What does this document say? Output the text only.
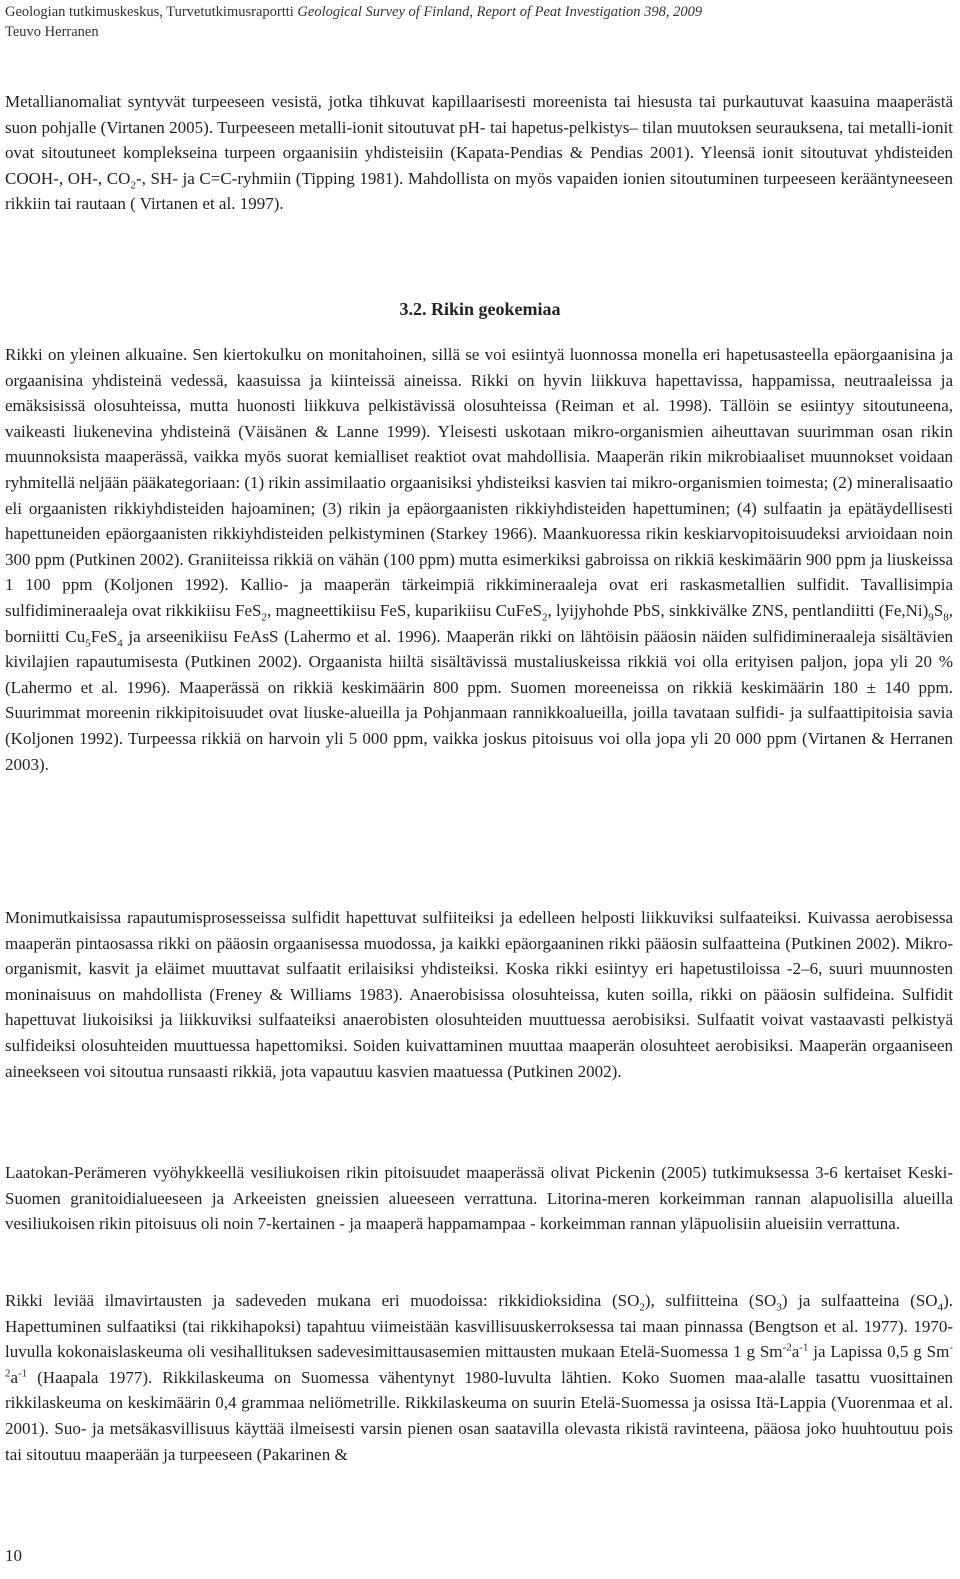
Geologian tutkimuskeskus, Turvetutkimusraportti Geological Survey of Finland, Report of Peat Investigation 398, 2009
Teuvo Herranen

Metallianomaliat syntyvät turpeeseen vesistä, jotka tihkuvat kapillaarisesti moreenista tai hiesusta tai purkautuvat kaasuina maaperästä suon pohjalle (Virtanen 2005). Turpeeseen metalli-ionit sitoutuvat pH- tai hapetus-pelkistys– tilan muutoksen seurauksena, tai metalli-ionit ovat sitoutuneet komplekseina turpeen orgaanisiin yhdisteisiin (Kapata-Pendias & Pendias 2001). Yleensä ionit sitoutuvat yhdisteiden COOH-, OH-, $CO_2-$, SH- ja C=C-ryhmiin (Tipping 1981). Mahdollista on myös vapaiden ionien sitoutuminen turpeeseen kerääntyneeseen rikkiin tai rautaan ( Virtanen et al. 1997).

3.2. Rikin geokemiaa

Rikki on yleinen alkuaine. Sen kiertokulku on monitahoinen, sillä se voi esiintyä luonnossa monella eri hapetusasteella epäorgaanisina ja orgaanisina yhdisteinä vedessä, kaasuissa ja kiinteissä aineissa. Rikki on hyvin liikkuva hapettavissa, happamissa, neutraaleissa ja emäksisissä olosuhteissa, mutta huonosti liikkuva pelkistävissä olosuhteissa (Reiman et al. 1998). Tällöin se esiintyy sitoutuneena, vaikeasti liukenevina yhdisteinä (Väisänen & Lanne 1999). Yleisesti uskotaan mikro-organismien aiheuttavan suurimman osan rikin muunnoksista maaperässä, vaikka myös suorat kemialliset reaktiot ovat mahdollisia. Maaperän rikin mikrobiaaliset muunnokset voidaan ryhmitellä neljään pääkategoriaan: (1) rikin assimilaatio orgaanisiksi yhdisteiksi kasvien tai mikro-organismien toimesta; (2) mineralisaatio eli orgaanisten rikkiyhdisteiden hajoaminen; (3) rikin ja epäorgaanisten rikkiyhdisteiden hapettuminen; (4) sulfaatin ja epätäydellisesti hapettuneiden epäorgaanisten rikkiyhdisteiden pelkistyminen (Starkey 1966). Maankuoressa rikin keskiarvopitoisuudeksi arvioidaan noin 300 ppm (Putkinen 2002). Graniiteissa rikkiä on vähän (100 ppm) mutta esimerkiksi gabroissa on rikkiä keskimäärin 900 ppm ja liuskeissa 1 100 ppm (Koljonen 1992). Kallio- ja maaperän tärkeimpiä rikkimineraaleja ovat eri raskasmetallien sulfidit. Tavallisimpia sulfidimineraaleja ovat rikkikiisu FeS$_2$, magneettikiisu FeS, kuparikiisu CuFeS$_2$, lyijyhohde PbS, sinkkivälke ZNS, pentlandiitti $(Fe,Ni)_9S_8$, borniitti $Cu_5FeS_4$ ja arseenikiisu FeAsS (Lahermo et al. 1996). Maaperän rikki on lähtöisin pääosin näiden sulfidimineraaleja sisältävien kivilajien rapautumisesta (Putkinen 2002). Orgaanista hiiltä sisältävissä mustaliuskeissa rikkiä voi olla erityisen paljon, jopa yli 20 % (Lahermo et al. 1996). Maaperässä on rikkiä keskimäärin 800 ppm. Suomen moreeneissa on rikkiä keskimäärin 180 ± 140 ppm. Suurimmat moreenin rikkipitoisuudet ovat liuske-alueilla ja Pohjanmaan rannikkoalueilla, joilla tavataan sulfidi- ja sulfaattipitoisia savia (Koljonen 1992). Turpeessa rikkiä on harvoin yli 5 000 ppm, vaikka joskus pitoisuus voi olla jopa yli 20 000 ppm (Virtanen & Herranen 2003).

Monimutkaisissa rapautumisprosesseissa sulfidit hapettuvat sulfiiteiksi ja edelleen helposti liikkuviksi sulfaateiksi. Kuivassa aerobisessa maaperän pintaosassa rikki on pääosin orgaanisessa muodossa, ja kaikki epäorgaaninen rikki pääosin sulfaatteina (Putkinen 2002). Mikro-organismit, kasvit ja eläimet muuttavat sulfaatit erilaisiksi yhdisteiksi. Koska rikki esiintyy eri hapetustiloissa -2–6, suuri muunnosten moninaisuus on mahdollista (Freney & Williams 1983). Anaerobisissa olosuhteissa, kuten soilla, rikki on pääosin sulfideina. Sulfidit hapettuvat liukoisiksi ja liikkuviksi sulfaateiksi anaerobisten olosuhteiden muuttuessa aerobisiksi. Sulfaatit voivat vastaavasti pelkistyä sulfideiksi olosuhteiden muuttuessa hapettomiksi. Soiden kuivattaminen muuttaa maaperän olosuhteet aerobisiksi. Maaperän orgaaniseen aineekseen voi sitoutua runsaasti rikkiä, jota vapautuu kasvien maatuessa (Putkinen 2002).

Laatokan-Perämeren vyöhykkeellä vesiliukoisen rikin pitoisuudet maaperässä olivat Pickenin (2005) tutkimuksessa 3-6 kertaiset Keski-Suomen granitoidialueeseen ja Arkeeisten gneissien alueeseen verrattuna. Litorina-meren korkeimman rannan alapuolisilla alueilla vesiliukoisen rikin pitoisuus oli noin 7-kertainen - ja maaperä happamampaa - korkeimman rannan yläpuolisiin alueisiin verrattuna.

Rikki leviää ilmavirtausten ja sadeveden mukana eri muodoissa: rikkidioksidina $(SO_2)$, sulfiitteina $(SO_3)$ ja sulfaatteina $(SO_4)$. Hapettuminen sulfaatiksi (tai rikkihapoksi) tapahtuu viimeistään kasvillisuuskerroksessa tai maan pinnassa (Bengtson et al. 1977). 1970-luvulla kokonaislaskeuma oli vesihallituksen sadevesimittausasemien mittausten mukaan Etelä-Suomessa 1 g $Sm^{-2}a^{-1}$ ja Lapissa 0,5 g $Sm^{-2}a^{-1}$ (Haapala 1977). Rikkilaskeuma on Suomessa vähentynyt 1980-luvulta lähtien. Koko Suomen maa-alalle tasattu vuosittainen rikkilaskeuma on keskimäärin 0,4 grammaa neliömetrille. Rikkilaskeuma on suurin Etelä-Suomessa ja osissa Itä-Lappia (Vuorenmaa et al. 2001). Suo- ja metsäkasvillisuus käyttää ilmeisesti varsin pienen osan saatavilla olevasta rikistä ravinteena, pääosa joko huuhtoutuu pois tai sitoutuu maaperään ja turpeeseen (Pakarinen &

10
